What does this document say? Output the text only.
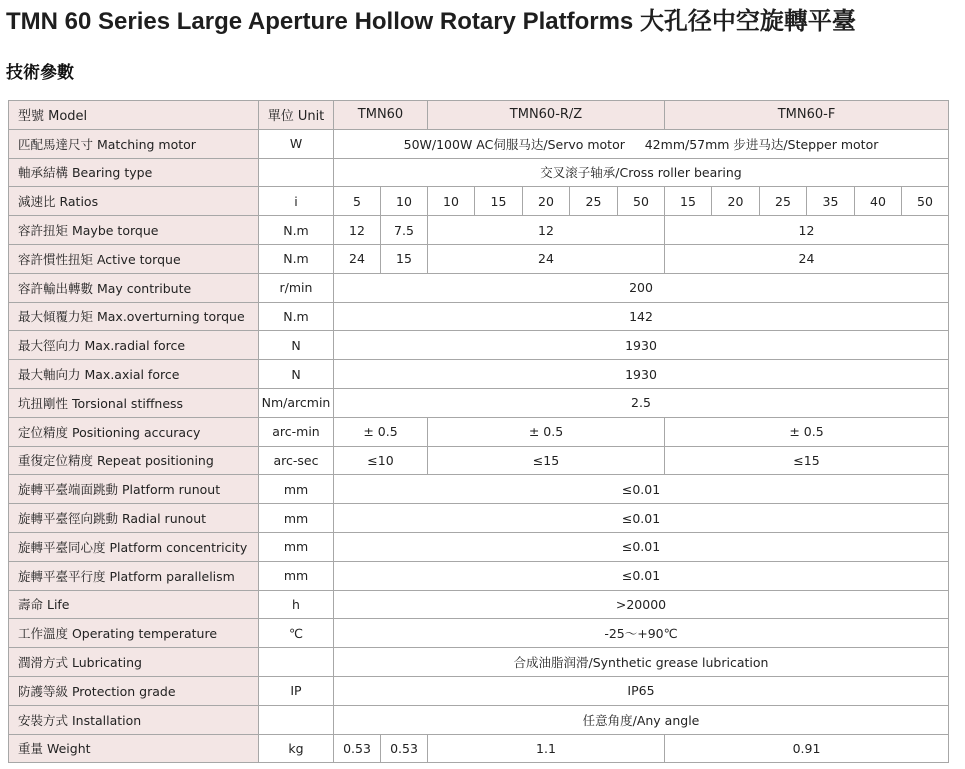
TMN 60 Series Large Aperture Hollow Rotary Platforms 大孔径中空旋轉平臺
技術參數
型號 Model	單位 Unit	TMN60		TMN60-R/Z					TMN60-F					
匹配馬達尺寸 Matching motor	W	50W/100W AC伺服马达/Servo motor 42mm/57mm 步进马达/Stepper motor												
軸承結構 Bearing type		交叉滚子轴承/Cross roller bearing												
減速比 Ratios	i	5	10	10	15	20	25	50	15	20	25	35	40	50
容許扭矩 Maybe torque	N.m	12	7.5	12					12					
容許慣性扭矩 Active torque	N.m	24	15	24					24					
容許輸出轉數 May contribute	r/min	200												
最大傾覆力矩 Max.overturning torque	N.m	142												
最大徑向力 Max.radial force	N	1930												
最大軸向力 Max.axial force	N	1930												
坑扭剛性 Torsional stiffness	Nm/arcmin	2.5												
定位精度 Positioning accuracy	arc-min	± 0.5		± 0.5					± 0.5					
重復定位精度 Repeat positioning	arc-sec	≤10		≤15					≤15					
旋轉平臺端面跳動 Platform runout	mm	≤0.01												
旋轉平臺徑向跳動 Radial runout	mm	≤0.01												
旋轉平臺同心度 Platform concentricity	mm	≤0.01												
旋轉平臺平行度 Platform parallelism	mm	≤0.01												
壽命 Life	h	>20000												
工作溫度 Operating temperature	℃	-25～+90℃												
潤滑方式 Lubricating		合成油脂润滑/Synthetic grease lubrication												
防護等級 Protection grade	IP	IP65												
安裝方式 Installation		任意角度/Any angle												
重量 Weight	kg	0.53	0.53	1.1					0.91					
